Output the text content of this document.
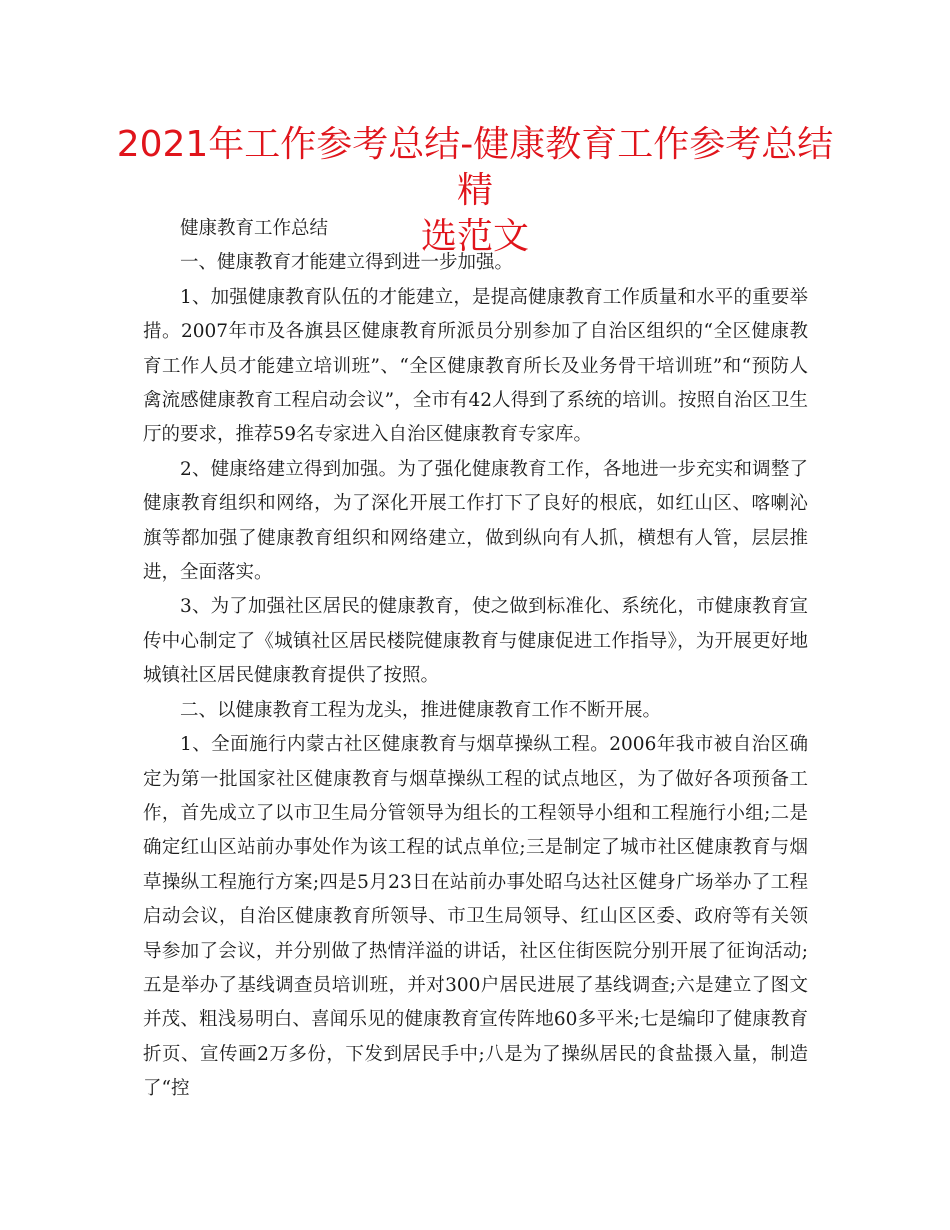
2021年工作参考总结-健康教育工作参考总结精
选范文

健康教育工作总结

一、健康教育才能建立得到进一步加强。

1、加强健康教育队伍的才能建立，是提高健康教育工作质量和水平的重要举措。2007年市及各旗县区健康教育所派员分别参加了自治区组织的“全区健康教育工作人员才能建立培训班”、“全区健康教育所长及业务骨干培训班”和“预防人禽流感健康教育工程启动会议”，全市有42人得到了系统的培训。按照自治区卫生厅的要求，推荐59名专家进入自治区健康教育专家库。

2、健康络建立得到加强。为了强化健康教育工作，各地进一步充实和调整了健康教育组织和网络，为了深化开展工作打下了良好的根底，如红山区、喀喇沁旗等都加强了健康教育组织和网络建立，做到纵向有人抓，横想有人管，层层推进，全面落实。

3、为了加强社区居民的健康教育，使之做到标准化、系统化，市健康教育宣传中心制定了《城镇社区居民楼院健康教育与健康促进工作指导》，为开展更好地城镇社区居民健康教育提供了按照。

二、以健康教育工程为龙头，推进健康教育工作不断开展。

1、全面施行内蒙古社区健康教育与烟草操纵工程。2006年我市被自治区确定为第一批国家社区健康教育与烟草操纵工程的试点地区，为了做好各项预备工作，首先成立了以市卫生局分管领导为组长的工程领导小组和工程施行小组;二是确定红山区站前办事处作为该工程的试点单位;三是制定了城市社区健康教育与烟草操纵工程施行方案;四是5月23日在站前办事处昭乌达社区健身广场举办了工程启动会议，自治区健康教育所领导、市卫生局领导、红山区区委、政府等有关领导参加了会议，并分别做了热情洋溢的讲话，社区住街医院分别开展了征询活动;五是举办了基线调查员培训班，并对300户居民进展了基线调查;六是建立了图文并茂、粗浅易明白、喜闻乐见的健康教育宣传阵地60多平米;七是编印了健康教育折页、宣传画2万多份，下发到居民手中;八是为了操纵居民的食盐摄入量，制造了“控
